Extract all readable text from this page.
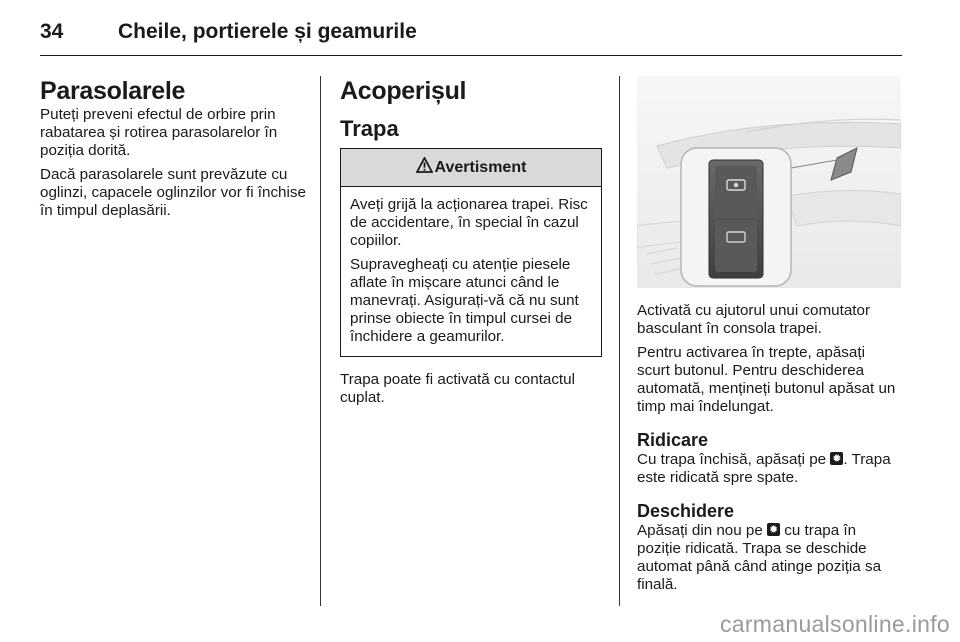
34	Cheile, portierele și geamurile
Parasolarele

Puteți preveni efectul de orbire prin rabatarea și rotirea parasolarelor în poziția dorită.

Dacă parasolarele sunt prevăzute cu oglinzi, capacele oglinzilor vor fi închise în timpul deplasării.

Acoperișul
Trapa
Avertisment

Aveți grijă la acționarea trapei. Risc de accidentare, în special în cazul copiilor.

Supravegheați cu atenție piesele aflate în mișcare atunci când le manevrați. Asigurați-vă că nu sunt prinse obiecte în timpul cursei de închidere a geamurilor.

Trapa poate fi activată cu contactul cuplat.

Activată cu ajutorul unui comutator basculant în consola trapei.

Pentru activarea în trepte, apăsați scurt butonul. Pentru deschiderea automată, mențineți butonul apăsat un timp mai îndelungat.

Ridicare

Cu trapa închisă, apăsați pe ✹ . Trapa este ridicată spre spate.

Deschidere

Apăsați din nou pe ✹ cu trapa în poziție ridicată. Trapa se deschide automat până când atinge poziția sa finală.

carmanualsonline.info
